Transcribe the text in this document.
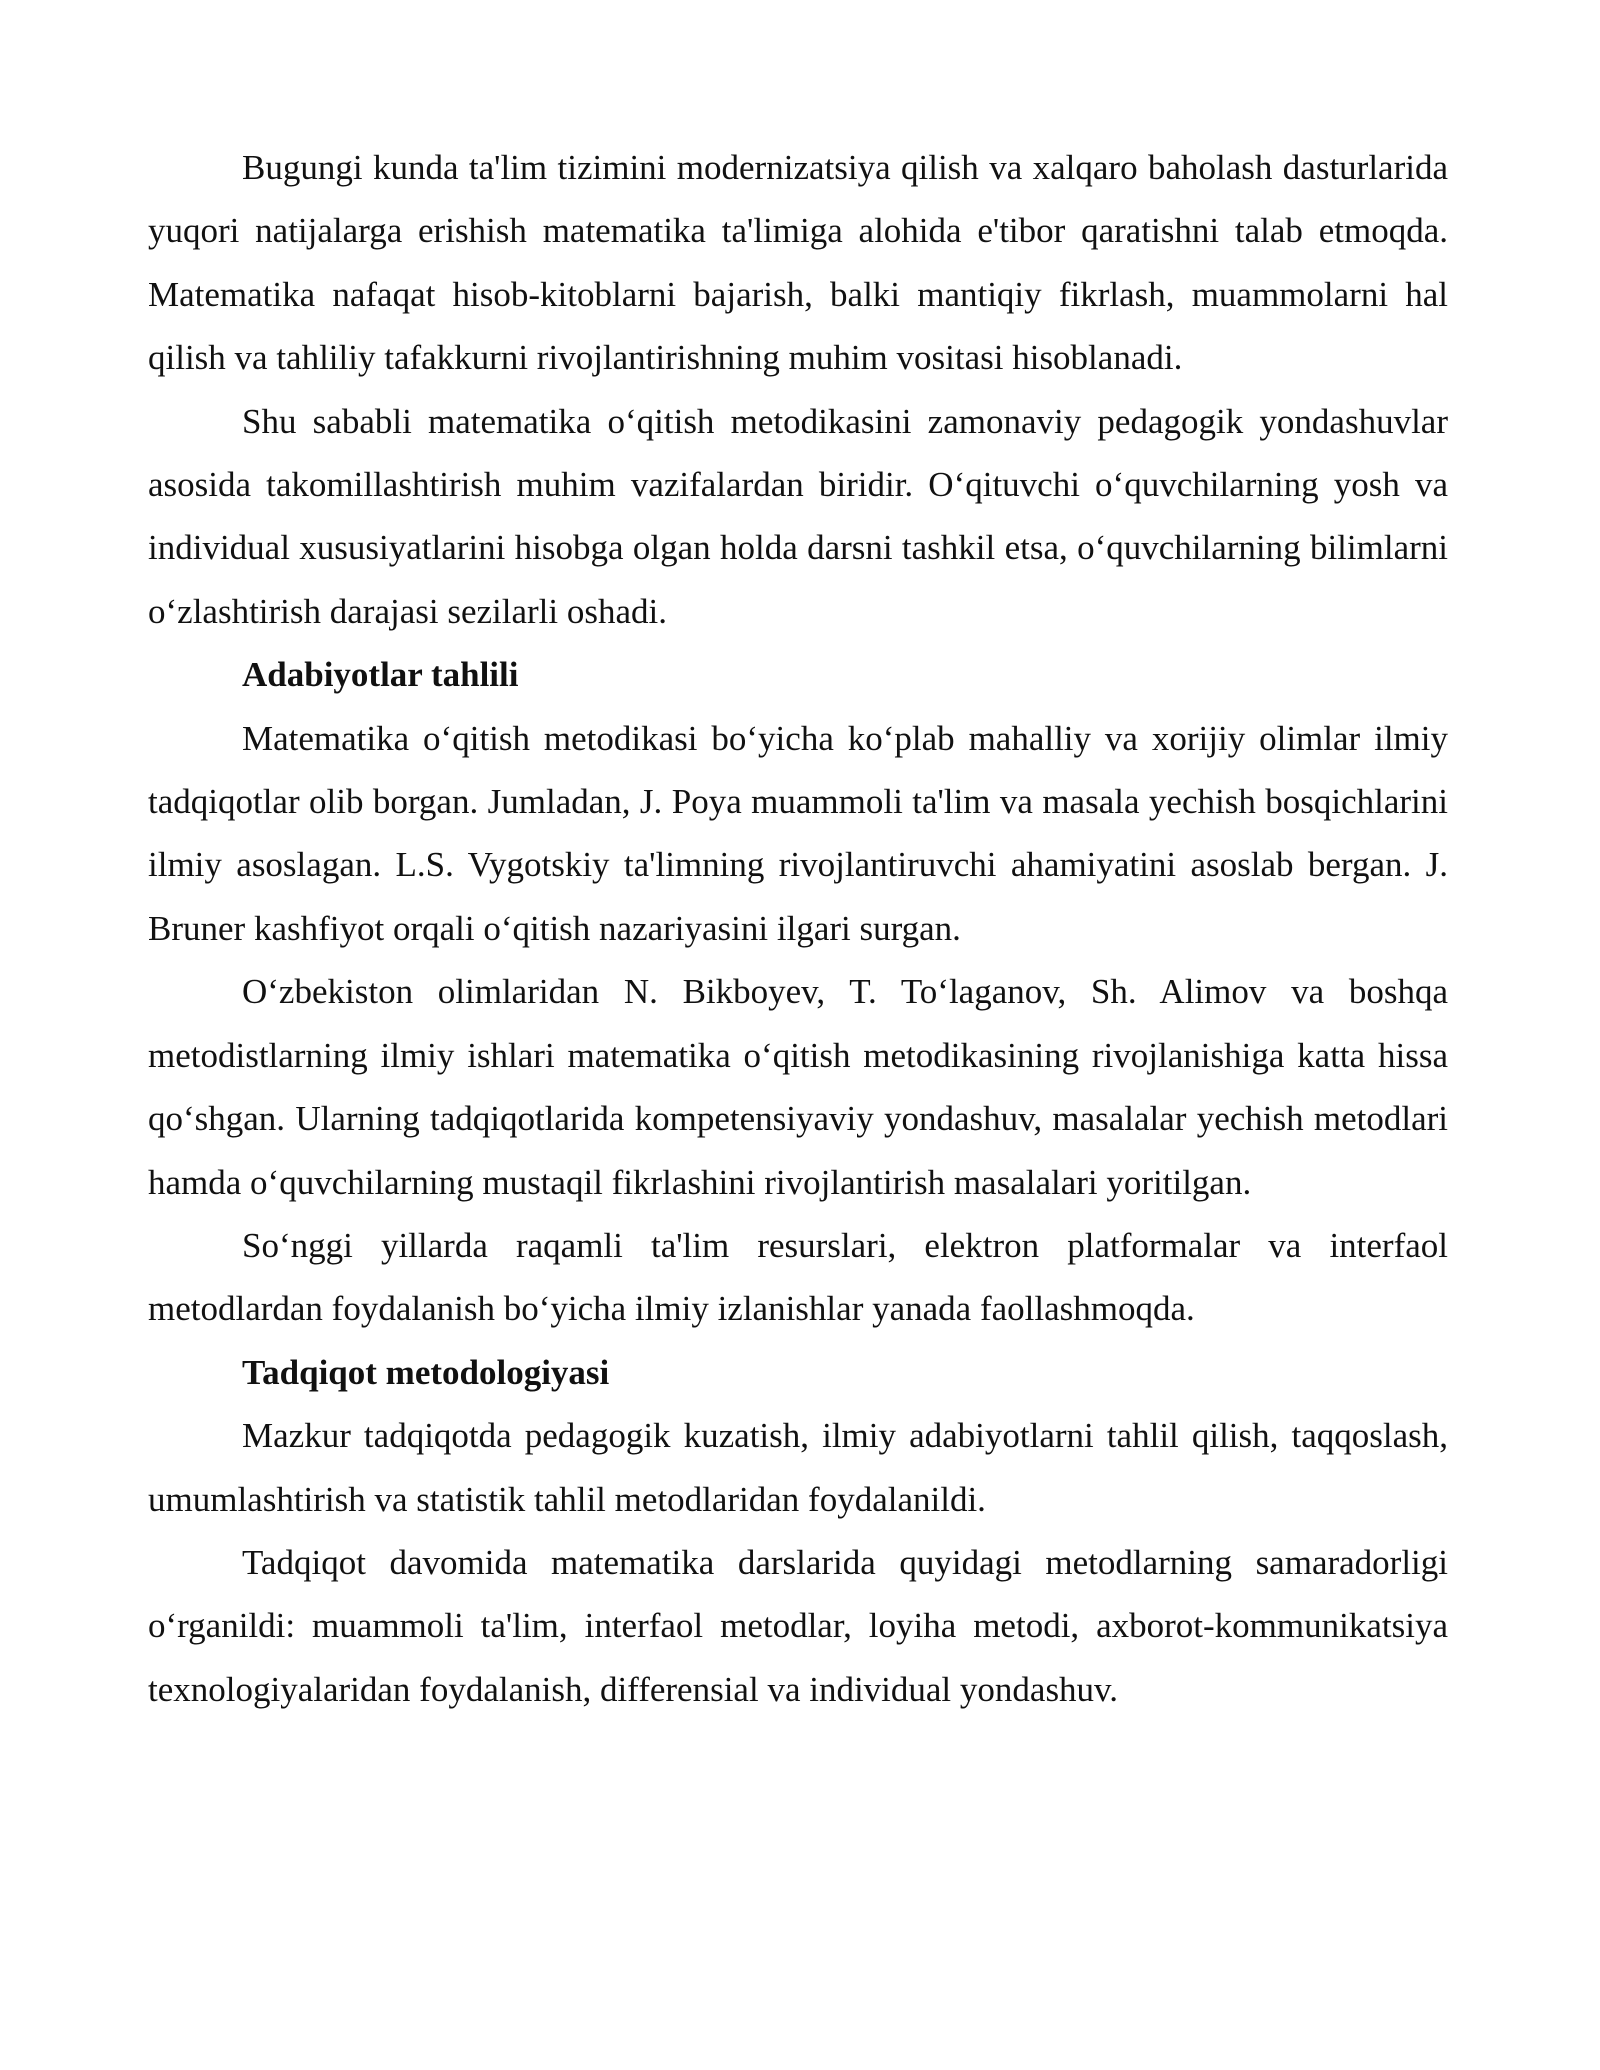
Bugungi kunda ta'lim tizimini modernizatsiya qilish va xalqaro baholash dasturlarida yuqori natijalarga erishish matematika ta'limiga alohida e'tibor qaratishni talab etmoqda. Matematika nafaqat hisob-kitoblarni bajarish, balki mantiqiy fikrlash, muammolarni hal qilish va tahliliy tafakkurni rivojlantirishning muhim vositasi hisoblanadi.

Shu sababli matematika o‘qitish metodikasini zamonaviy pedagogik yondashuvlar asosida takomillashtirish muhim vazifalardan biridir. O‘qituvchi o‘quvchilarning yosh va individual xususiyatlarini hisobga olgan holda darsni tashkil etsa, o‘quvchilarning bilimlarni o‘zlashtirish darajasi sezilarli oshadi.

Adabiyotlar tahlili

Matematika o‘qitish metodikasi bo‘yicha ko‘plab mahalliy va xorijiy olimlar ilmiy tadqiqotlar olib borgan. Jumladan, J. Poya muammoli ta'lim va masala yechish bosqichlarini ilmiy asoslagan. L.S. Vygotskiy ta'limning rivojlantiruvchi ahamiyatini asoslab bergan. J. Bruner kashfiyot orqali o‘qitish nazariyasini ilgari surgan.

O‘zbekiston olimlaridan N. Bikboyev, T. To‘laganov, Sh. Alimov va boshqa metodistlarning ilmiy ishlari matematika o‘qitish metodikasining rivojlanishiga katta hissa qo‘shgan. Ularning tadqiqotlarida kompetensiyaviy yondashuv, masalalar yechish metodlari hamda o‘quvchilarning mustaqil fikrlashini rivojlantirish masalalari yoritilgan.

So‘nggi yillarda raqamli ta'lim resurslari, elektron platformalar va interfaol metodlardan foydalanish bo‘yicha ilmiy izlanishlar yanada faollashmoqda.

Tadqiqot metodologiyasi

Mazkur tadqiqotda pedagogik kuzatish, ilmiy adabiyotlarni tahlil qilish, taqqoslash, umumlashtirish va statistik tahlil metodlaridan foydalanildi.

Tadqiqot davomida matematika darslarida quyidagi metodlarning samaradorligi o‘rganildi: muammoli ta'lim, interfaol metodlar, loyiha metodi, axborot-kommunikatsiya texnologiyalaridan foydalanish, differensial va individual yondashuv.
